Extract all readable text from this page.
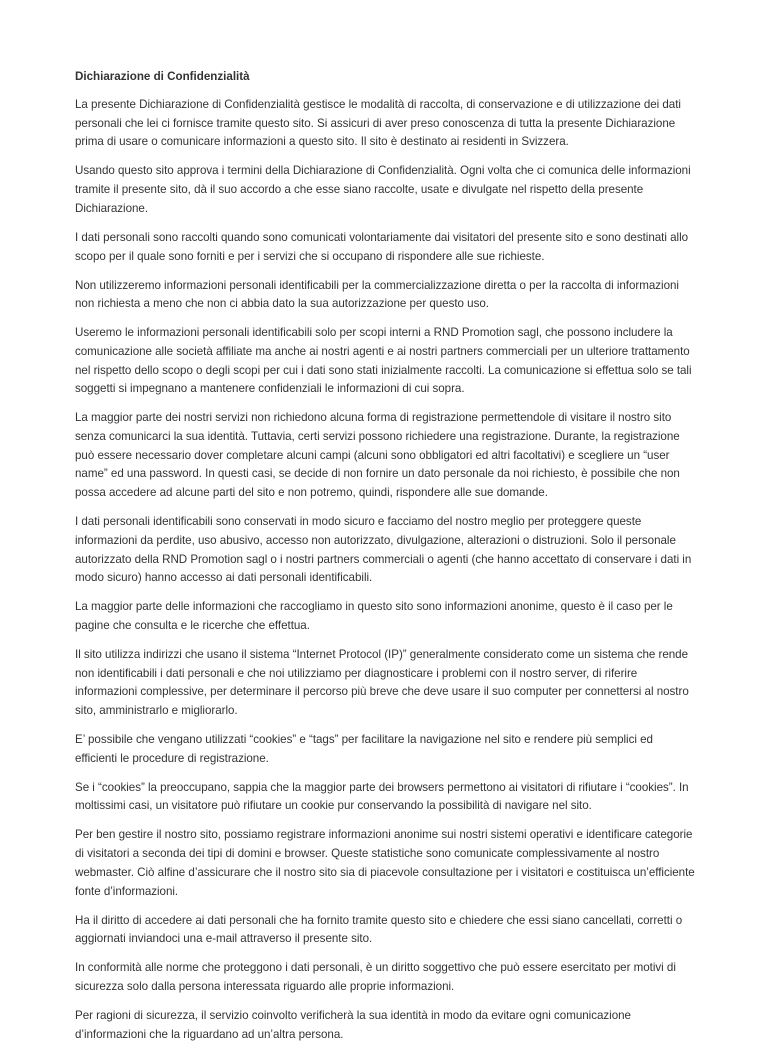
Dichiarazione di Confidenzialità

La presente Dichiarazione di Confidenzialità gestisce le modalità di raccolta, di conservazione e di utilizzazione dei dati personali che lei ci fornisce tramite questo sito. Si assicuri di aver preso conoscenza di tutta la presente Dichiarazione prima di usare o comunicare informazioni a questo sito. Il sito è destinato ai residenti in Svizzera.

Usando questo sito approva i termini della Dichiarazione di Confidenzialità. Ogni volta che ci comunica delle informazioni tramite il presente sito, dà il suo accordo a che esse siano raccolte, usate e divulgate nel rispetto della presente Dichiarazione.

I dati personali sono raccolti quando sono comunicati volontariamente dai visitatori del presente sito e sono destinati allo scopo per il quale sono forniti e per i servizi che si occupano di rispondere alle sue richieste.

Non utilizzeremo informazioni personali identificabili per la commercializzazione diretta o per la raccolta di informazioni non richiesta a meno che non ci abbia dato la sua autorizzazione per questo uso.

Useremo le informazioni personali identificabili solo per scopi interni a RND Promotion sagl, che possono includere la comunicazione alle società affiliate ma anche ai nostri agenti e ai nostri partners commerciali per un ulteriore trattamento nel rispetto dello scopo o degli scopi per cui i dati sono stati inizialmente raccolti. La comunicazione si effettua solo se tali soggetti si impegnano a mantenere confidenziali le informazioni di cui sopra.

La maggior parte dei nostri servizi non richiedono alcuna forma di registrazione permettendole di visitare il nostro sito senza comunicarci la sua identità. Tuttavia, certi servizi possono richiedere una registrazione. Durante, la registrazione può essere necessario dover completare alcuni campi (alcuni sono obbligatori ed altri facoltativi) e scegliere un “user name” ed una password. In questi casi, se decide di non fornire un dato personale da noi richiesto, è possibile che non possa accedere ad alcune parti del sito e non potremo, quindi, rispondere alle sue domande.

I dati personali identificabili sono conservati in modo sicuro e facciamo del nostro meglio per proteggere queste informazioni da perdite, uso abusivo, accesso non autorizzato, divulgazione, alterazioni o distruzioni. Solo il personale autorizzato della RND Promotion sagl o i nostri partners commerciali o agenti (che hanno accettato di conservare i dati in modo sicuro) hanno accesso ai dati personali identificabili.

La maggior parte delle informazioni che raccogliamo in questo sito sono informazioni anonime, questo è il caso per le pagine che consulta e le ricerche che effettua.

Il sito utilizza indirizzi che usano il sistema “Internet Protocol (IP)” generalmente considerato come un sistema che rende non identificabili i dati personali e che noi utilizziamo per diagnosticare i problemi con il nostro server, di riferire informazioni complessive, per determinare il percorso più breve che deve usare il suo computer per connettersi al nostro sito, amministrarlo e migliorarlo.

E’ possibile che vengano utilizzati “cookies” e “tags” per facilitare la navigazione nel sito e rendere più semplici ed efficienti le procedure di registrazione.

Se i “cookies” la preoccupano, sappia che la maggior parte dei browsers permettono ai visitatori di rifiutare i “cookies”. In moltissimi casi, un visitatore può rifiutare un cookie pur conservando la possibilità di navigare nel sito.

Per ben gestire il nostro sito, possiamo registrare informazioni anonime sui nostri sistemi operativi e identificare categorie di visitatori a seconda dei tipi di domini e browser. Queste statistiche sono comunicate complessivamente al nostro webmaster. Ciò alfine d’assicurare che il nostro sito sia di piacevole consultazione per i visitatori e costituisca un’efficiente fonte d’informazioni.

Ha il diritto di accedere ai dati personali che ha fornito tramite questo sito e chiedere che essi siano cancellati, corretti o aggiornati inviandoci una e-mail attraverso il presente sito.

In conformità alle norme che proteggono i dati personali, è un diritto soggettivo che può essere esercitato per motivi di sicurezza solo dalla persona interessata riguardo alle proprie informazioni.

Per ragioni di sicurezza, il servizio coinvolto verificherà la sua identità in modo da evitare ogni comunicazione d’informazioni che la riguardano ad un’altra persona.
